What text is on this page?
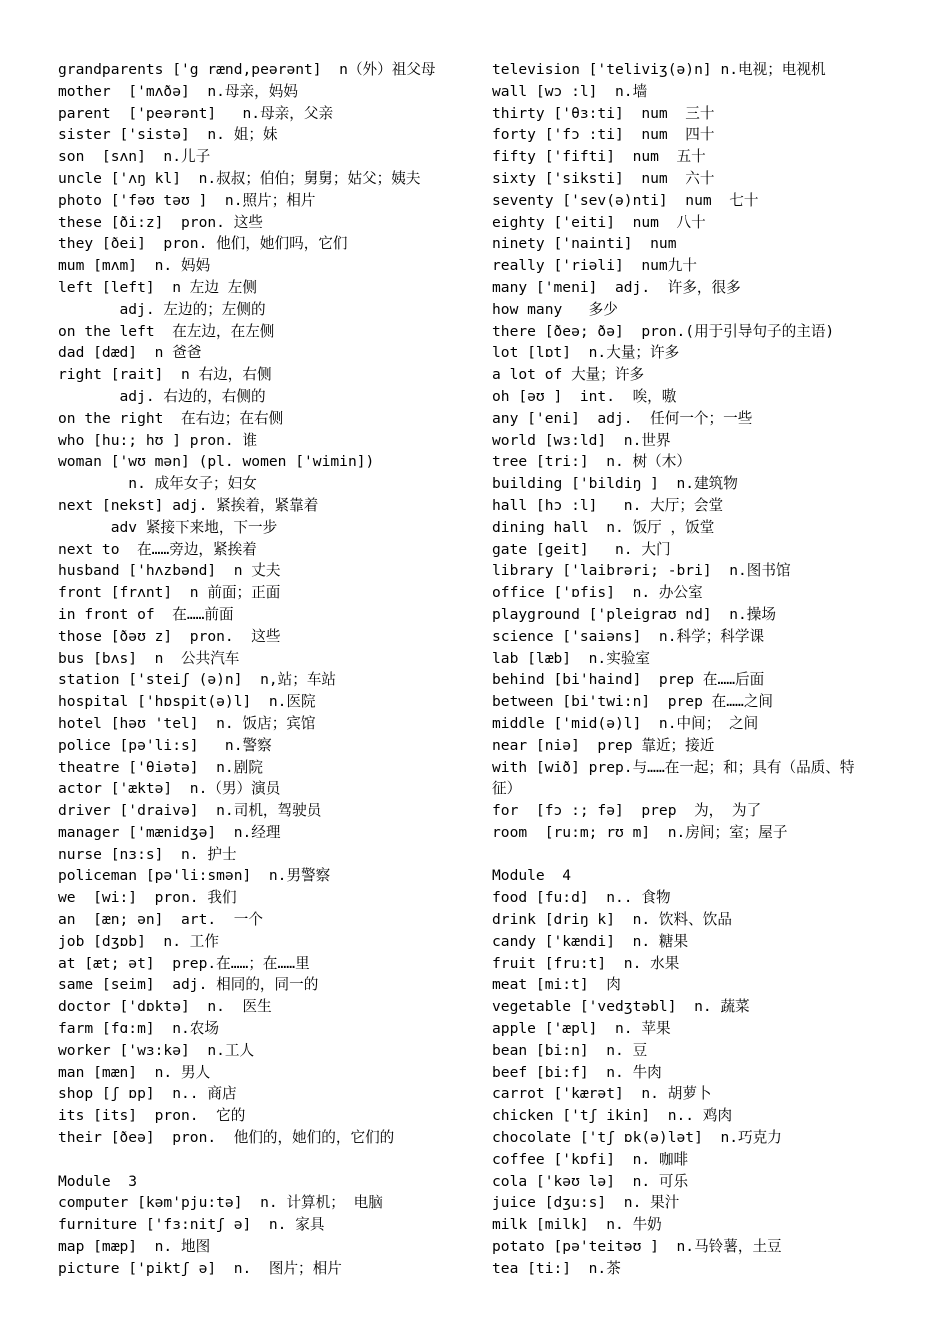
grandparents ['g rænd,peərənt]  n（外）祖父母
mother  ['mʌðə]  n.母亲，妈妈
parent  ['peərənt]   n.母亲，父亲
sister ['sistə]  n. 姐；妹
son  [sʌn]  n.儿子
uncle ['ʌŋ kl]  n.叔叔；伯伯；舅舅；姑父；姨夫
photo ['fəʊ təʊ ]  n.照片；相片
these [ði:z]  pron. 这些
they [ðei]  pron. 他们，她们吗，它们
mum [mʌm]  n. 妈妈
left [left]  n 左边 左侧
adj. 左边的；左侧的
on the left  在左边，在左侧
dad [dæd]  n 爸爸
right [rait]  n 右边，右侧
adj. 右边的，右侧的
on the right  在右边；在右侧
who [hu:; hʊ ] pron. 谁
woman ['wʊ mən] (pl. women ['wimin])
n. 成年女子；妇女
next [nekst] adj. 紧挨着，紧靠着
adv 紧接下来地，下一步
next to  在……旁边，紧挨着
husband ['hʌzbənd]  n 丈夫
front [frʌnt]  n 前面；正面
in front of  在……前面
those [ðəʊ z]  pron.  这些
bus [bʌs]  n  公共汽车
station ['steiʃ (ə)n]  n,站；车站
hospital ['hɒspit(ə)l]  n.医院
hotel [həʊ 'tel]  n. 饭店；宾馆
police [pə'li:s]   n.警察
theatre ['θiətə]  n.剧院
actor ['æktə]  n.（男）演员
driver ['draivə]  n.司机，驾驶员
manager ['mænidʒə]  n.经理
nurse [nɜ:s]  n. 护士
policeman [pə'li:smən]  n.男警察
we  [wi:]  pron. 我们
an  [æn; ən]  art.  一个
job [dʒɒb]  n. 工作
at [æt; ət]  prep.在……；在……里
same [seim]  adj. 相同的，同一的
doctor ['dɒktə]  n.  医生
farm [fɑ:m]  n.农场
worker ['wɜ:kə]  n.工人
man [mæn]  n. 男人
shop [ʃ ɒp]  n.. 商店
its [its]  pron.  它的
their [ðeə]  pron.  他们的，她们的，它们的
Module  3
computer [kəm'pju:tə]  n. 计算机； 电脑
furniture ['fɜ:nitʃ ə]  n. 家具
map [mæp]  n. 地图
picture ['piktʃ ə]  n.  图片；相片
television ['teliviʒ(ə)n] n.电视；电视机
wall [wɔ :l]  n.墙
thirty ['θɜ:ti]  num  三十
forty ['fɔ :ti]  num  四十
fifty ['fifti]  num  五十
sixty ['siksti]  num  六十
seventy ['sev(ə)nti]  num  七十
eighty ['eiti]  num  八十
ninety ['nainti]  num
really ['riəli]  num九十
many ['meni]  adj.  许多，很多
how many   多少
there [ðeə; ðə]  pron.(用于引导句子的主语)
lot [lɒt]  n.大量；许多
a lot of 大量；许多
oh [əʊ ]  int.  唉，嗷
any ['eni]  adj.  任何一个；一些
world [wɜ:ld]  n.世界
tree [tri:]  n. 树（木）
building ['bildiŋ ]  n.建筑物
hall [hɔ :l]   n. 大厅；会堂
dining hall  n. 饭厅 ，饭堂
gate [geit]   n. 大门
library ['laibrəri; -bri]  n.图书馆
office ['ɒfis]  n. 办公室
playground ['pleigraʊ nd]  n.操场
science ['saiəns]  n.科学；科学课
lab [læb]  n.实验室
behind [bi'haind]  prep 在……后面
between [bi'twi:n]  prep 在……之间
middle ['mid(ə)l]  n.中间； 之间
near [niə]  prep 靠近；接近
with [wið] prep.与……在一起；和；具有（品质、特
征）
for  [fɔ :; fə]  prep  为， 为了
room  [ru:m; rʊ m]  n.房间；室；屋子
Module  4
food [fu:d]  n.. 食物
drink [driŋ k]  n. 饮料、饮品
candy ['kændi]  n. 糖果
fruit [fru:t]  n. 水果
meat [mi:t]  肉
vegetable ['vedʒtəbl]  n. 蔬菜
apple ['æpl]  n. 苹果
bean [bi:n]  n. 豆
beef [bi:f]  n. 牛肉
carrot ['kærət]  n. 胡萝卜
chicken ['tʃ ikin]  n.. 鸡肉
chocolate ['tʃ ɒk(ə)lət]  n.巧克力
coffee ['kɒfi]  n. 咖啡
cola ['kəʊ lə]  n. 可乐
juice [dʒu:s]  n. 果汁
milk [milk]  n. 牛奶
potato [pə'teitəʊ ]  n.马铃薯，土豆
tea [ti:]  n.茶
